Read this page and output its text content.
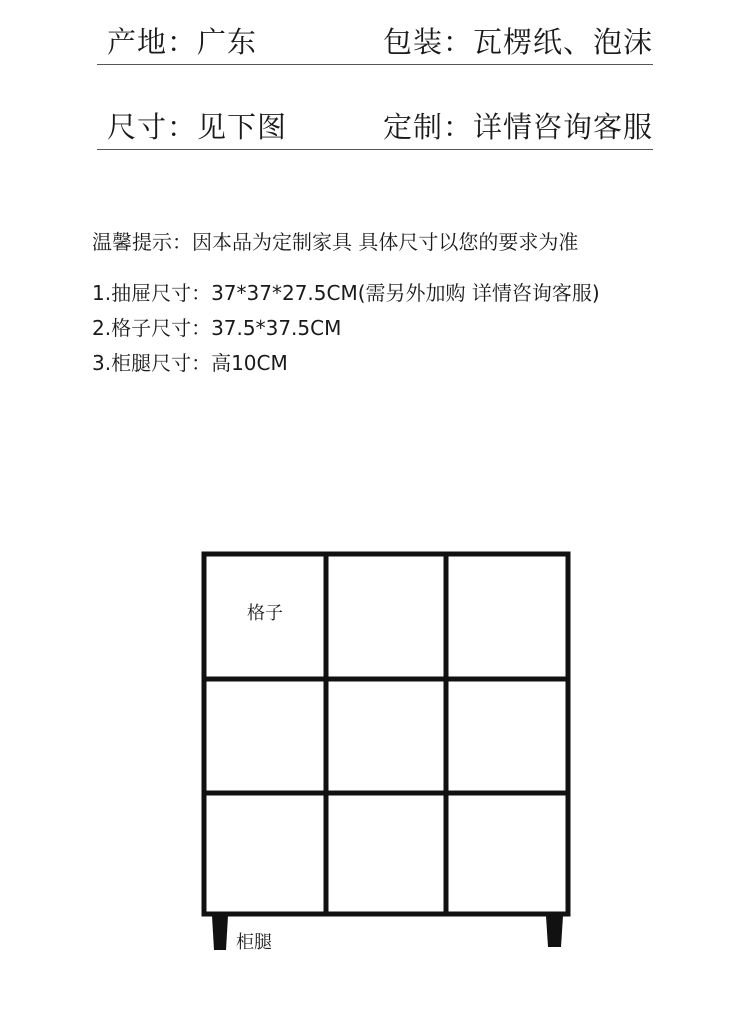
产地：广东	包装：瓦楞纸、泡沫
尺寸：见下图	定制：详情咨询客服
温馨提示：因本品为定制家具 具体尺寸以您的要求为准
1.抽屉尺寸：37*37*27.5CM(需另外加购 详情咨询客服)
2.格子尺寸：37.5*37.5CM
3.柜腿尺寸：高10CM
格子
柜腿
